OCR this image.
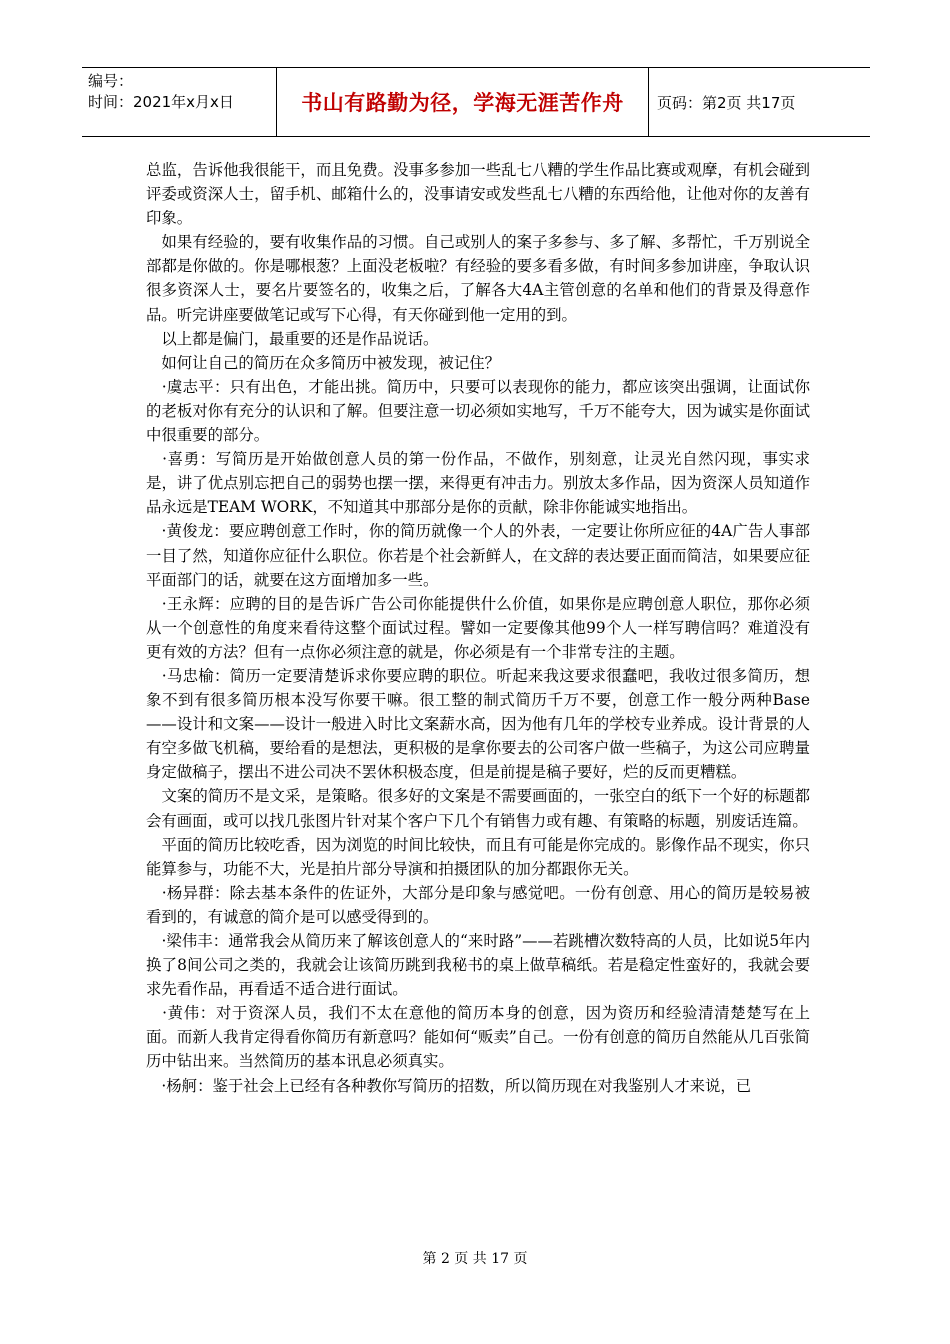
编号：
时间：2021年x月x日	书山有路勤为径，学海无涯苦作舟	页码：第2页 共17页

总监，告诉他我很能干，而且免费。没事多参加一些乱七八糟的学生作品比赛或观摩，有机会碰到评委或资深人士，留手机、邮箱什么的，没事请安或发些乱七八糟的东西给他，让他对你的友善有印象。

　如果有经验的，要有收集作品的习惯。自己或别人的案子多参与、多了解、多帮忙，千万别说全部都是你做的。你是哪根葱？上面没老板啦？有经验的要多看多做，有时间多参加讲座，争取认识很多资深人士，要名片要签名的，收集之后，了解各大4A主管创意的名单和他们的背景及得意作品。听完讲座要做笔记或写下心得，有天你碰到他一定用的到。

　以上都是偏门，最重要的还是作品说话。

　如何让自己的简历在众多简历中被发现，被记住？

　·虞志平：只有出色，才能出挑。简历中，只要可以表现你的能力，都应该突出强调，让面试你的老板对你有充分的认识和了解。但要注意一切必须如实地写，千万不能夸大，因为诚实是你面试中很重要的部分。

　·喜勇：写简历是开始做创意人员的第一份作品，不做作，别刻意，让灵光自然闪现，事实求是，讲了优点别忘把自己的弱势也摆一摆，来得更有冲击力。别放太多作品，因为资深人员知道作品永远是TEAM WORK，不知道其中那部分是你的贡献，除非你能诚实地指出。

　·黄俊龙：要应聘创意工作时，你的简历就像一个人的外表，一定要让你所应征的4A广告人事部一目了然，知道你应征什么职位。你若是个社会新鲜人，在文辞的表达要正面而简洁，如果要应征平面部门的话，就要在这方面增加多一些。

　·王永辉：应聘的目的是告诉广告公司你能提供什么价值，如果你是应聘创意人职位，那你必须从一个创意性的角度来看待这整个面试过程。譬如一定要像其他99个人一样写聘信吗？难道没有更有效的方法？但有一点你必须注意的就是，你必须是有一个非常专注的主题。

　·马忠榆：简历一定要清楚诉求你要应聘的职位。听起来我这要求很蠢吧，我收过很多简历，想象不到有很多简历根本没写你要干嘛。很工整的制式简历千万不要，创意工作一般分两种Base——设计和文案——设计一般进入时比文案薪水高，因为他有几年的学校专业养成。设计背景的人有空多做飞机稿，要给看的是想法，更积极的是拿你要去的公司客户做一些稿子，为这公司应聘量身定做稿子，摆出不进公司决不罢休积极态度，但是前提是稿子要好，烂的反而更糟糕。

　文案的简历不是文采，是策略。很多好的文案是不需要画面的，一张空白的纸下一个好的标题都会有画面，或可以找几张图片针对某个客户下几个有销售力或有趣、有策略的标题，别废话连篇。

　平面的简历比较吃香，因为浏览的时间比较快，而且有可能是你完成的。影像作品不现实，你只能算参与，功能不大，光是拍片部分导演和拍摄团队的加分都跟你无关。

　·杨异群：除去基本条件的佐证外，大部分是印象与感觉吧。一份有创意、用心的简历是较易被看到的，有诚意的简介是可以感受得到的。

　·梁伟丰：通常我会从简历来了解该创意人的“来时路”——若跳槽次数特高的人员，比如说5年内换了8间公司之类的，我就会让该简历跳到我秘书的桌上做草稿纸。若是稳定性蛮好的，我就会要求先看作品，再看适不适合进行面试。

　·黄伟：对于资深人员，我们不太在意他的简历本身的创意，因为资历和经验清清楚楚写在上面。而新人我肯定得看你简历有新意吗？能如何“贩卖”自己。一份有创意的简历自然能从几百张简历中钻出来。当然简历的基本讯息必须真实。

　·杨舸：鉴于社会上已经有各种教你写简历的招数，所以简历现在对我鉴别人才来说，已

第 2 页 共 17 页
